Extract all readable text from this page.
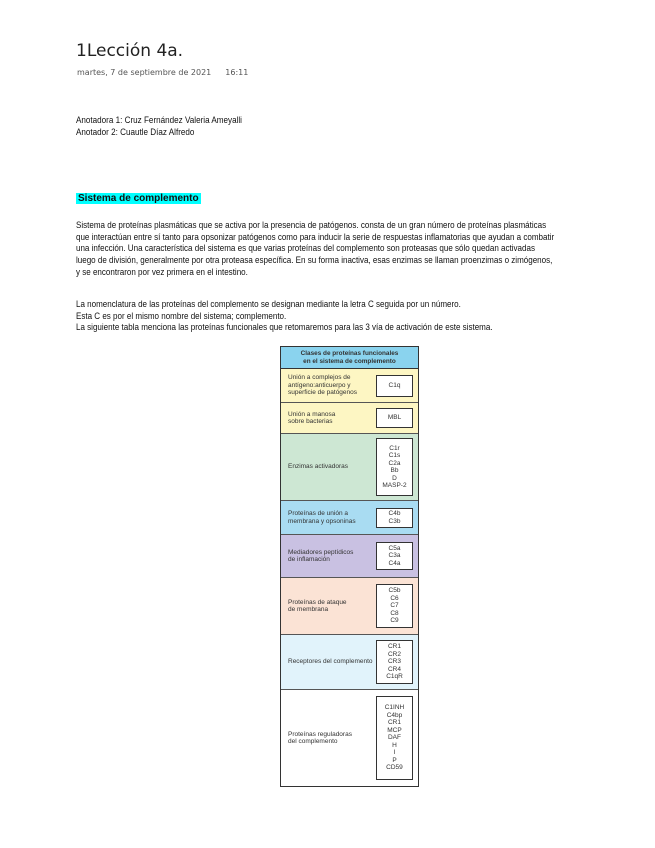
1Lección 4a.
martes, 7 de septiembre de 2021 16:11
Anotadora 1: Cruz Fernández Valeria Ameyalli
Anotador 2: Cuautle Díaz Alfredo
Sistema de complemento
Sistema de proteínas plasmáticas que se activa por la presencia de patógenos. consta de un gran número de proteínas plasmáticas
que interactúan entre sí tanto para opsonizar patógenos como para inducir la serie de respuestas inflamatorias que ayudan a combatir
una infección. Una característica del sistema es que varias proteínas del complemento son proteasas que sólo quedan activadas
luego de división, generalmente por otra proteasa específica. En su forma inactiva, esas enzimas se llaman proenzimas o zimógenos,
y se encontraron por vez primera en el intestino.
La nomenclatura de las proteínas del complemento se designan mediante la letra C seguida por un número.
Esta C es por el mismo nombre del sistema; complemento.
La siguiente tabla menciona las proteínas funcionales que retomaremos para las 3 vía de activación de este sistema.
Clases de proteínas funcionales
en el sistema de complemento
Unión a complejos de
antígeno:anticuerpo y
superficie de patógenos
C1q
Unión a manosa
sobre bacterias
MBL
Enzimas activadoras
C1r
C1s
C2a
Bb
D
MASP-2
Proteínas de unión a
membrana y opsoninas
C4b
C3b
Mediadores peptídicos
de inflamación
C5a
C3a
C4a
Proteínas de ataque
de membrana
C5b
C6
C7
C8
C9
Receptores del complemento
CR1
CR2
CR3
CR4
C1qR
Proteínas reguladoras
del complemento
C1INH
C4bp
CR1
MCP
DAF
H
I
P
CD59
